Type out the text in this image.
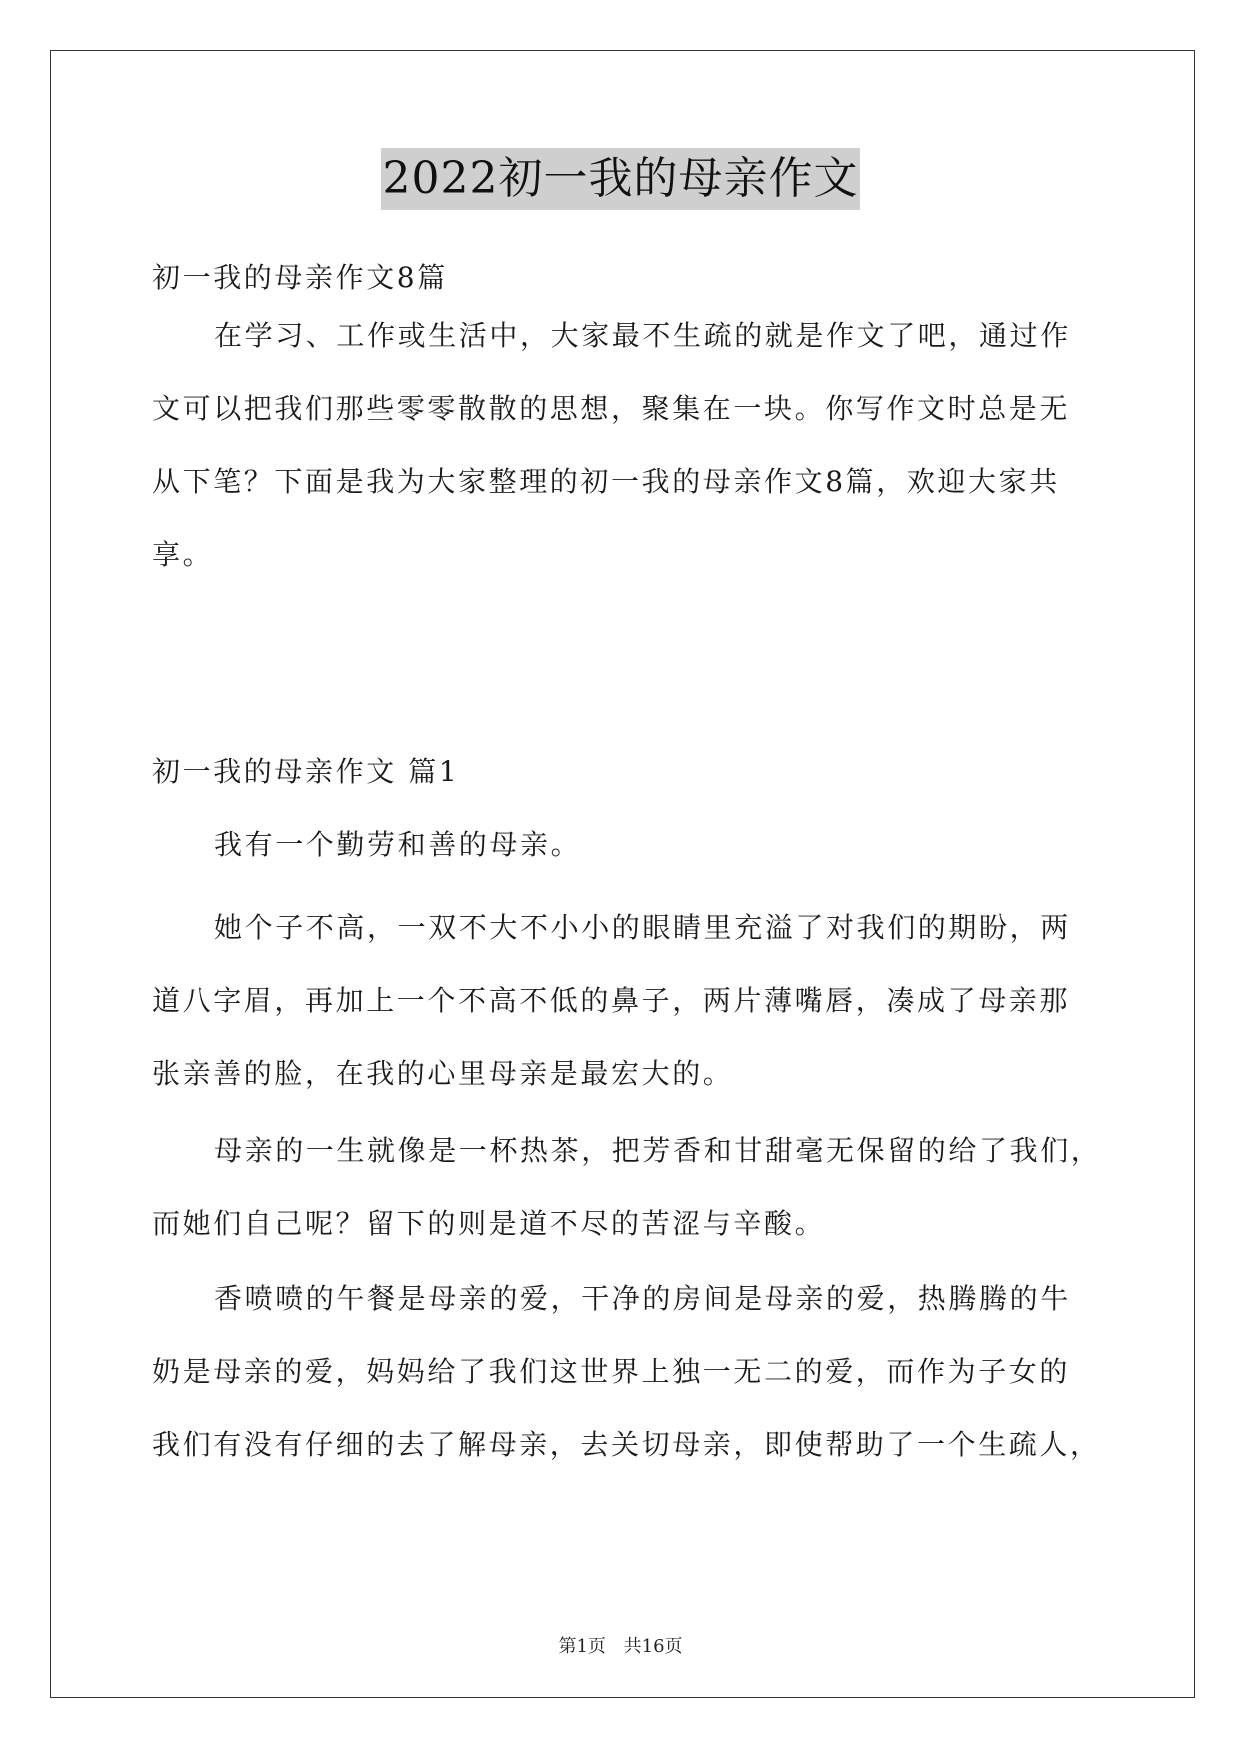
2022初一我的母亲作文

初一我的母亲作文8篇

在学习、工作或生活中，大家最不生疏的就是作文了吧，通过作

文可以把我们那些零零散散的思想，聚集在一块。你写作文时总是无

从下笔？下面是我为大家整理的初一我的母亲作文8篇，欢迎大家共

享。

初一我的母亲作文 篇1

我有一个勤劳和善的母亲。

她个子不高，一双不大不小小的眼睛里充溢了对我们的期盼，两

道八字眉，再加上一个不高不低的鼻子，两片薄嘴唇，凑成了母亲那

张亲善的脸，在我的心里母亲是最宏大的。

母亲的一生就像是一杯热茶，把芳香和甘甜毫无保留的给了我们，

而她们自己呢？留下的则是道不尽的苦涩与辛酸。

香喷喷的午餐是母亲的爱，干净的房间是母亲的爱，热腾腾的牛

奶是母亲的爱，妈妈给了我们这世界上独一无二的爱，而作为子女的

我们有没有仔细的去了解母亲，去关切母亲，即使帮助了一个生疏人，

第1页 共16页
